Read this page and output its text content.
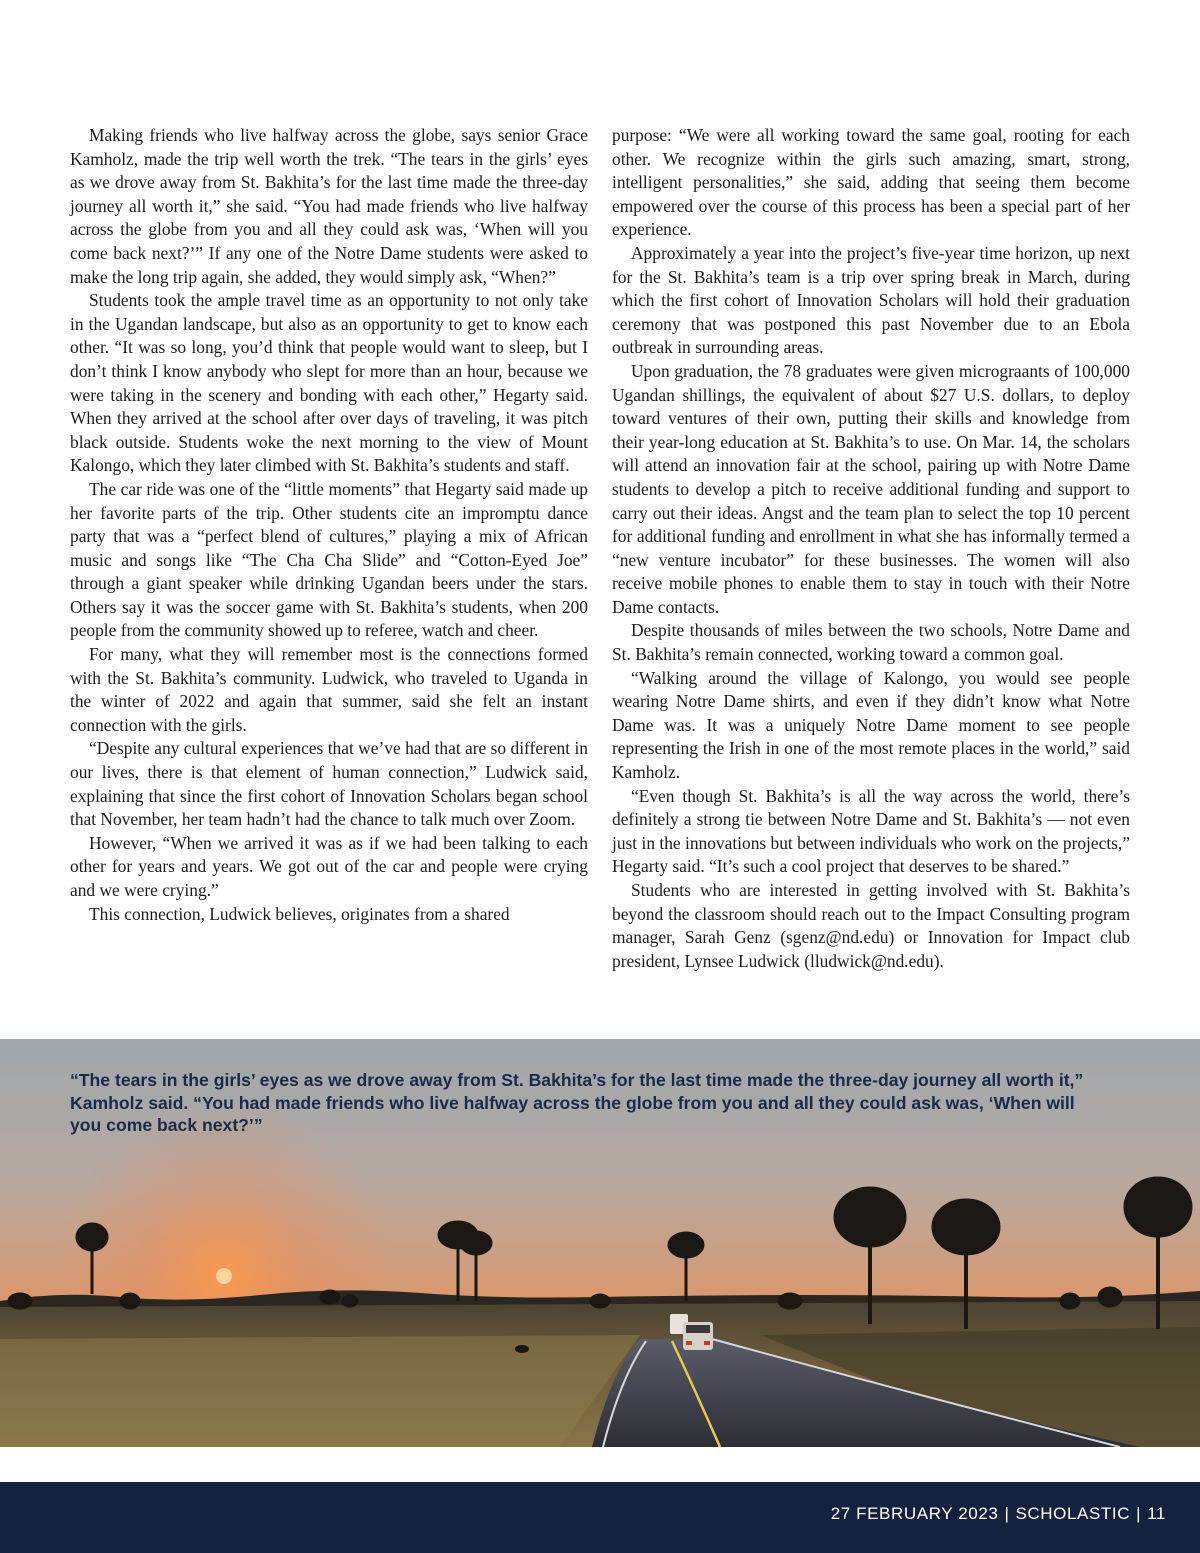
Making friends who live halfway across the globe, says senior Grace Kamholz, made the trip well worth the trek. “The tears in the girls’ eyes as we drove away from St. Bakhita’s for the last time made the three-day journey all worth it,” she said. “You had made friends who live halfway across the globe from you and all they could ask was, ‘When will you come back next?’” If any one of the Notre Dame students were asked to make the long trip again, she added, they would simply ask, “When?”

Students took the ample travel time as an opportunity to not only take in the Ugandan landscape, but also as an opportunity to get to know each other. “It was so long, you’d think that people would want to sleep, but I don’t think I know anybody who slept for more than an hour, because we were taking in the scenery and bonding with each other,” Hegarty said. When they arrived at the school after over days of traveling, it was pitch black outside. Students woke the next morning to the view of Mount Kalongo, which they later climbed with St. Bakhita’s students and staff.

The car ride was one of the “little moments” that Hegarty said made up her favorite parts of the trip. Other students cite an impromptu dance party that was a “perfect blend of cultures,” playing a mix of African music and songs like “The Cha Cha Slide” and “Cotton-Eyed Joe” through a giant speaker while drinking Ugandan beers under the stars. Others say it was the soccer game with St. Bakhita’s students, when 200 people from the community showed up to referee, watch and cheer.

For many, what they will remember most is the connections formed with the St. Bakhita’s community. Ludwick, who traveled to Uganda in the winter of 2022 and again that summer, said she felt an instant connection with the girls.

“Despite any cultural experiences that we’ve had that are so different in our lives, there is that element of human connection,” Ludwick said, explaining that since the first cohort of Innovation Scholars began school that November, her team hadn’t had the chance to talk much over Zoom.

However, “When we arrived it was as if we had been talking to each other for years and years. We got out of the car and people were crying and we were crying.”

This connection, Ludwick believes, originates from a shared

purpose: “We were all working toward the same goal, rooting for each other. We recognize within the girls such amazing, smart, strong, intelligent personalities,” she said, adding that seeing them become empowered over the course of this process has been a special part of her experience.

Approximately a year into the project’s five-year time horizon, up next for the St. Bakhita’s team is a trip over spring break in March, during which the first cohort of Innovation Scholars will hold their graduation ceremony that was postponed this past November due to an Ebola outbreak in surrounding areas.

Upon graduation, the 78 graduates were given micrograants of 100,000 Ugandan shillings, the equivalent of about $27 U.S. dollars, to deploy toward ventures of their own, putting their skills and knowledge from their year-long education at St. Bakhita’s to use. On Mar. 14, the scholars will attend an innovation fair at the school, pairing up with Notre Dame students to develop a pitch to receive additional funding and support to carry out their ideas. Angst and the team plan to select the top 10 percent for additional funding and enrollment in what she has informally termed a “new venture incubator” for these businesses. The women will also receive mobile phones to enable them to stay in touch with their Notre Dame contacts.

Despite thousands of miles between the two schools, Notre Dame and St. Bakhita’s remain connected, working toward a common goal.

“Walking around the village of Kalongo, you would see people wearing Notre Dame shirts, and even if they didn’t know what Notre Dame was. It was a uniquely Notre Dame moment to see people representing the Irish in one of the most remote places in the world,” said Kamholz.

“Even though St. Bakhita’s is all the way across the world, there’s definitely a strong tie between Notre Dame and St. Bakhita’s — not even just in the innovations but between individuals who work on the projects,” Hegarty said. “It’s such a cool project that deserves to be shared.”

Students who are interested in getting involved with St. Bakhita’s beyond the classroom should reach out to the Impact Consulting program manager, Sarah Genz (sgenz@nd.edu) or Innovation for Impact club president, Lynsee Ludwick (lludwick@nd.edu).

“The tears in the girls’ eyes as we drove away from St. Bakhita’s for the last time made the three-day journey all worth it,” Kamholz said. “You had made friends who live halfway across the globe from you and all they could ask was, ‘When will you come back next?’”

27 FEBRUARY 2023 | SCHOLASTIC | 11
